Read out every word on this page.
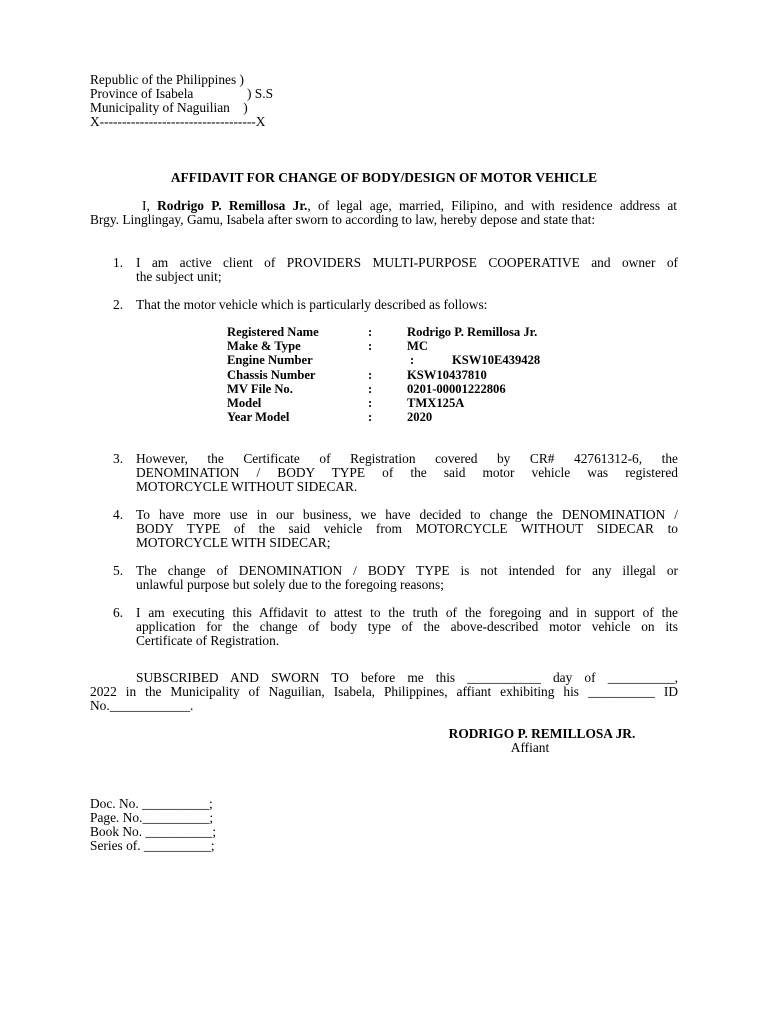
Republic of the Philippines )
Province of Isabela	) S.S
Municipality of Naguilian    )
X-----------------------------------X
AFFIDAVIT FOR CHANGE OF BODY/DESIGN OF MOTOR VEHICLE
I, Rodrigo P. Remillosa Jr., of legal age, married, Filipino, and with residence address at
Brgy. Linglingay, Gamu, Isabela after sworn to according to law, hereby depose and state that:
1. I am active client of PROVIDERS MULTI-PURPOSE COOPERATIVE and owner of
the subject unit;
2. That the motor vehicle which is particularly described as follows:
Registered Name	:	Rodrigo P. Remillosa Jr.
Make & Type	:	MC
Engine Number	:	KSW10E439428
Chassis Number	:	KSW10437810
MV File No.	:	0201-00001222806
Model	:	TMX125A
Year Model	:	2020
3. However, the Certificate of Registration covered by CR# 42761312-6, the
DENOMINATION / BODY TYPE of the said motor vehicle was registered
MOTORCYCLE WITHOUT SIDECAR.
4. To have more use in our business, we have decided to change the DENOMINATION /
BODY TYPE of the said vehicle from MOTORCYCLE WITHOUT SIDECAR to
MOTORCYCLE WITH SIDECAR;
5. The change of DENOMINATION / BODY TYPE is not intended for any illegal or
unlawful purpose but solely due to the foregoing reasons;
6. I am executing this Affidavit to attest to the truth of the foregoing and in support of the
application for the change of body type of the above-described motor vehicle on its
Certificate of Registration.
SUBSCRIBED AND SWORN TO before me this ___________ day of __________,
2022 in the Municipality of Naguilian, Isabela, Philippines, affiant exhibiting his __________ ID
No.____________.
RODRIGO P. REMILLOSA JR.
Affiant
Doc. No. __________;
Page. No.__________;
Book No. __________;
Series of. __________;
